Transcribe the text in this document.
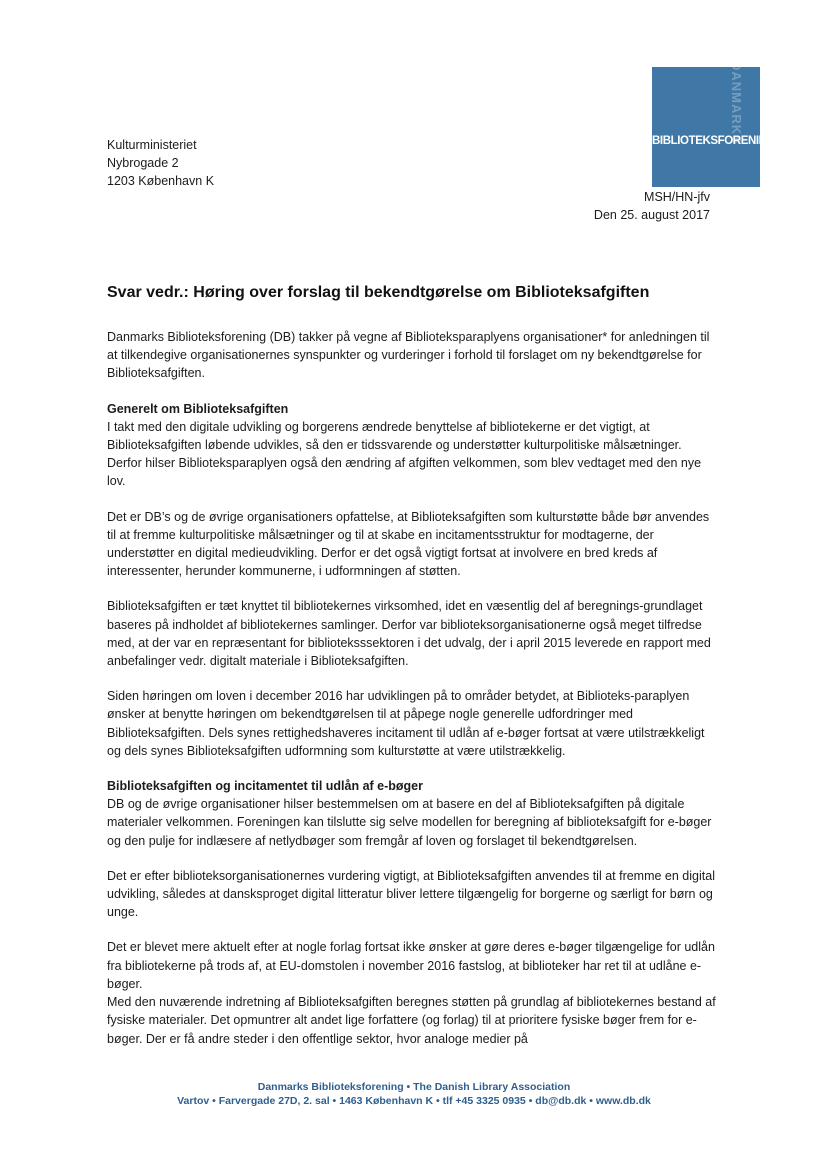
DANMARKS
BIBLIOTEKSFORENING
Kulturministeriet
Nybrogade 2
1203 København K
MSH/HN-jfv
Den 25. august 2017
Svar vedr.: Høring over forslag til bekendtgørelse om Biblioteksafgiften

Danmarks Biblioteksforening (DB) takker på vegne af Biblioteksparaplyens organisationer* for anledningen til at tilkendegive organisationernes synspunkter og vurderinger i forhold til forslaget om ny bekendtgørelse for Biblioteksafgiften.

Generelt om Biblioteksafgiften

I takt med den digitale udvikling og borgerens ændrede benyttelse af bibliotekerne er det vigtigt, at Biblioteksafgiften løbende udvikles, så den er tidssvarende og understøtter kulturpolitiske målsætninger. Derfor hilser Biblioteksparaplyen også den ændring af afgiften velkommen, som blev vedtaget med den nye lov.

Det er DB’s og de øvrige organisationers opfattelse, at Biblioteksafgiften som kulturstøtte både bør anvendes til at fremme kulturpolitiske målsætninger og til at skabe en incitamentsstruktur for modtagerne, der understøtter en digital medieudvikling. Derfor er det også vigtigt fortsat at involvere en bred kreds af interessenter, herunder kommunerne, i udformningen af støtten.

Biblioteksafgiften er tæt knyttet til bibliotekernes virksomhed, idet en væsentlig del af beregnings-grundlaget baseres på indholdet af bibliotekernes samlinger. Derfor var biblioteksorganisationerne også meget tilfredse med, at der var en repræsentant for biblioteksssektoren i det udvalg, der i april 2015 leverede en rapport med anbefalinger vedr. digitalt materiale i Biblioteksafgiften.

Siden høringen om loven i december 2016 har udviklingen på to områder betydet, at Biblioteks-paraplyen ønsker at benytte høringen om bekendtgørelsen til at påpege nogle generelle udfordringer med Biblioteksafgiften. Dels synes rettighedshaveres incitament til udlån af e-bøger fortsat at være utilstrækkeligt og dels synes Biblioteksafgiften udformning som kulturstøtte at være utilstrækkelig.

Biblioteksafgiften og incitamentet til udlån af e-bøger

DB og de øvrige organisationer hilser bestemmelsen om at basere en del af Biblioteksafgiften på digitale materialer velkommen. Foreningen kan tilslutte sig selve modellen for beregning af biblioteksafgift for e-bøger og den pulje for indlæsere af netlydbøger som fremgår af loven og forslaget til bekendtgørelsen.

Det er efter biblioteksorganisationernes vurdering vigtigt, at Biblioteksafgiften anvendes til at fremme en digital udvikling, således at dansksproget digital litteratur bliver lettere tilgængelig for borgerne og særligt for børn og unge.

Det er blevet mere aktuelt efter at nogle forlag fortsat ikke ønsker at gøre deres e-bøger tilgængelige for udlån fra bibliotekerne på trods af, at EU-domstolen i november 2016 fastslog, at biblioteker har ret til at udlåne e-bøger.

Med den nuværende indretning af Biblioteksafgiften beregnes støtten på grundlag af bibliotekernes bestand af fysiske materialer. Det opmuntrer alt andet lige forfattere (og forlag) til at prioritere fysiske bøger frem for e-bøger. Der er få andre steder i den offentlige sektor, hvor analoge medier på

Danmarks Biblioteksforening • The Danish Library Association
Vartov • Farvergade 27D, 2. sal • 1463 København K • tlf +45 3325 0935 • db@db.dk • www.db.dk
